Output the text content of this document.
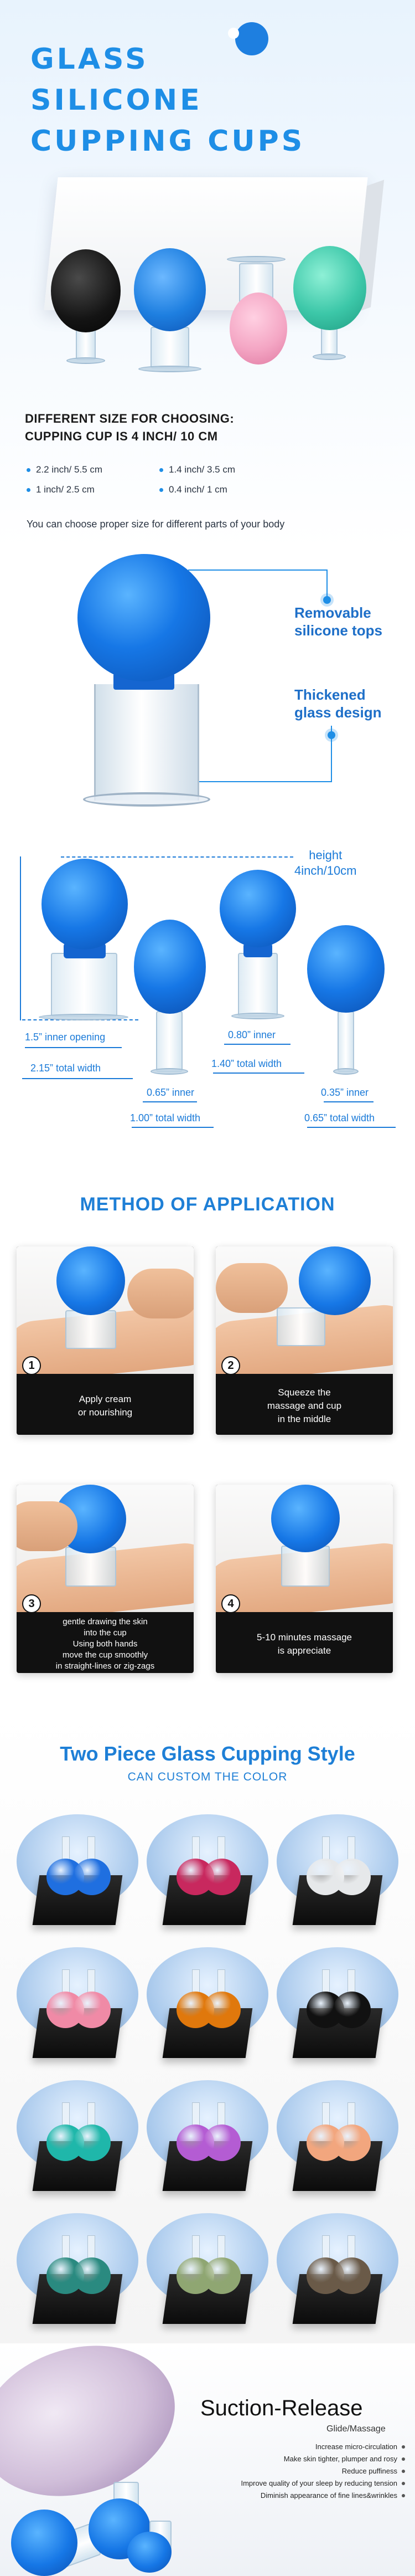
GLASS
SILICONE
CUPPING CUPS
DIFFERENT SIZE FOR CHOOSING:
CUPPING CUP IS 4 INCH/ 10 CM
2.2 inch/ 5.5 cm	1.4 inch/ 3.5 cm
1 inch/ 2.5 cm	0.4 inch/ 1 cm
You can choose proper size for different parts of your body
Removable
silicone tops
Thickened
glass design
height
4inch/10cm
1.5” inner opening
2.15” total width
0.65” inner
1.00” total width
0.80” inner
1.40” total width
0.35” inner
0.65” total width
METHOD OF APPLICATION
1
Apply cream
or nourishing
2
Squeeze the
massage and cup
in the middle
3
gentle drawing the skin
into the cup
Using both hands
move the cup smoothly
in straight-lines or zig-zags
4
5-10 minutes massage
is appreciate
Two Piece Glass Cupping Style
CAN CUSTOM THE COLOR
Suction-Release
Glide/Massage
Increase micro-circulation
Make skin tighter, plumper and rosy
Reduce puffiness
Improve quality of your sleep by reducing tension
Diminish appearance of fine lines&wrinkles
